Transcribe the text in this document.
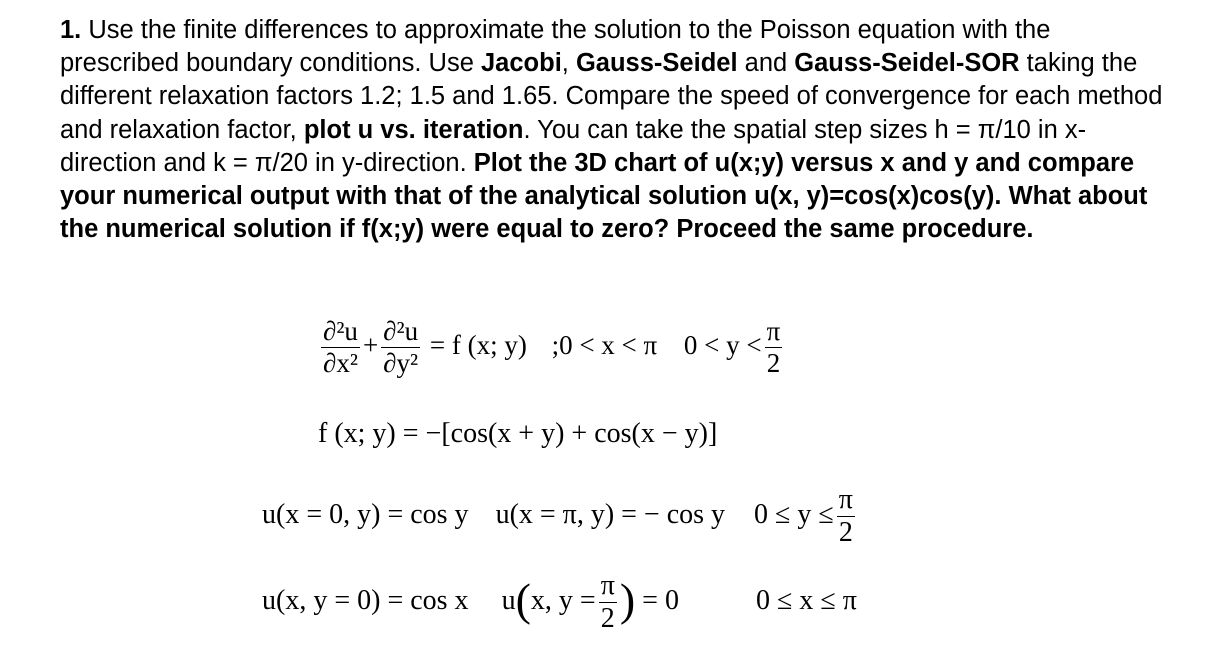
1. Use the finite differences to approximate the solution to the Poisson equation with the prescribed boundary conditions. Use Jacobi, Gauss-Seidel and Gauss-Seidel-SOR taking the different relaxation factors 1.2; 1.5 and 1.65. Compare the speed of convergence for each method and relaxation factor, plot u vs. iteration. You can take the spatial step sizes h = π/10 in x-direction and k = π/20 in y-direction. Plot the 3D chart of u(x;y) versus x and y and compare your numerical output with that of the analytical solution u(x, y)=cos(x)cos(y). What about the numerical solution if f(x;y) were equal to zero? Proceed the same procedure.
$\frac{\text{∂²u}}{\text{∂x²}} + \frac{\text{∂²u}}{\text{∂y²}} = f$ (x; y) ;0 < x < π $0 < y < \frac{\pi}{2}$
f (x; y) = −[cos(x + y) + cos(x − y)]
u(x = 0, y) = cos y u(x = π, y) = − cos y $0 \le y \le \frac{\pi}{2}$
u(x, y = 0) = cos x u(x, $y = \frac{\pi}{2}$ ) = 0	0 ≤ x ≤ π
